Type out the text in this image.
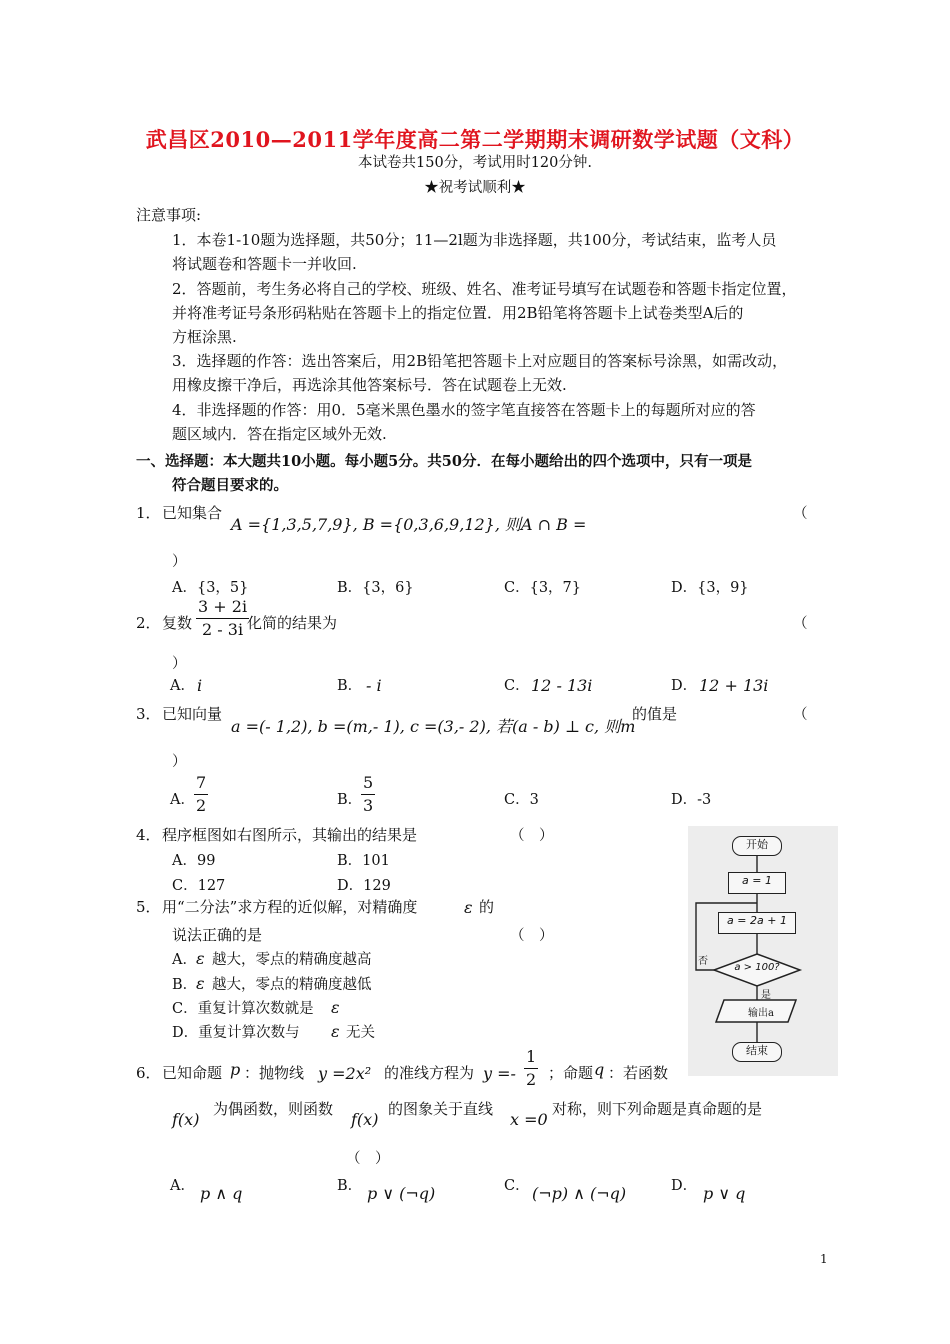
武昌区2010—2011学年度高二第二学期期末调研数学试题（文科）
本试卷共150分，考试用时120分钟.
★祝考试顺利★
注意事项:
1．本卷1-10题为选择题，共50分；11—2l题为非选择题，共100分，考试结束，监考人员
将试题卷和答题卡一并收回.
2．答题前，考生务必将自己的学校、班级、姓名、准考证号填写在试题卷和答题卡指定位置，
并将准考证号条形码粘贴在答题卡上的指定位置．用2B铅笔将答题卡上试卷类型A后的
方框涂黑.
3．选择题的作答：选出答案后，用2B铅笔把答题卡上对应题目的答案标号涂黑，如需改动，
用橡皮擦干净后，再选涂其他答案标号．答在试题卷上无效.
4．非选择题的作答：用0．5毫米黑色墨水的签字笔直接答在答题卡上的每题所对应的答
题区域内．答在指定区域外无效.
一、选择题：本大题共10小题。每小题5分。共50分．在每小题给出的四个选项中，只有一项是
符合题目要求的。
1． 已知集合
A ={1,3,5,7,9}, B ={0,3,6,9,12}, 则A ∩ B =
（
）
A．{3，5}	B．{3，6}	C．{3，7}	D．{3，9}
2． 复数 $\frac{3 + 2i}{2 - 3i}$
化简的结果为	（
）
A． i	B． - i	C． 12 - 13i	D． 12 + 13i
3． 已知向量
a =(- 1,2), b =(m,- 1), c =(3,- 2), 若(a - b) ⊥ c, 则m
的值是	（
）
A． $\frac{7}{2}$	B．
$\frac{5}{3}$	C．3	D．-3
4． 程序框图如右图所示，其输出的结果是	（　）
A．99	B．101
C．127	D．129
5． 用“二分法”求方程的近似解，对精确度	ε 的
说法正确的是	（　）
A． ε 越大，零点的精确度越高
B．
ε 越大，零点的精确度越低
C．重复计算次数就是 ε
D．重复计算次数与 ε 无关
开始
a = 1
a = 2a + 1
a > 100?
否
是
输出a
结束
6． 已知命题 p ：抛物线 y =2x² 的准线方程为 $y =- \frac{1}{2}$ ；命题 q ：若函数
f(x)
为偶函数，则函数
f(x)
的图象关于直线
x =0
对称，则下列命题是真命题的是
（　）
A． p ∧ q	B． p ∨ (¬q)	C． (¬p) ∧ (¬q)	D． p ∨ q
1
